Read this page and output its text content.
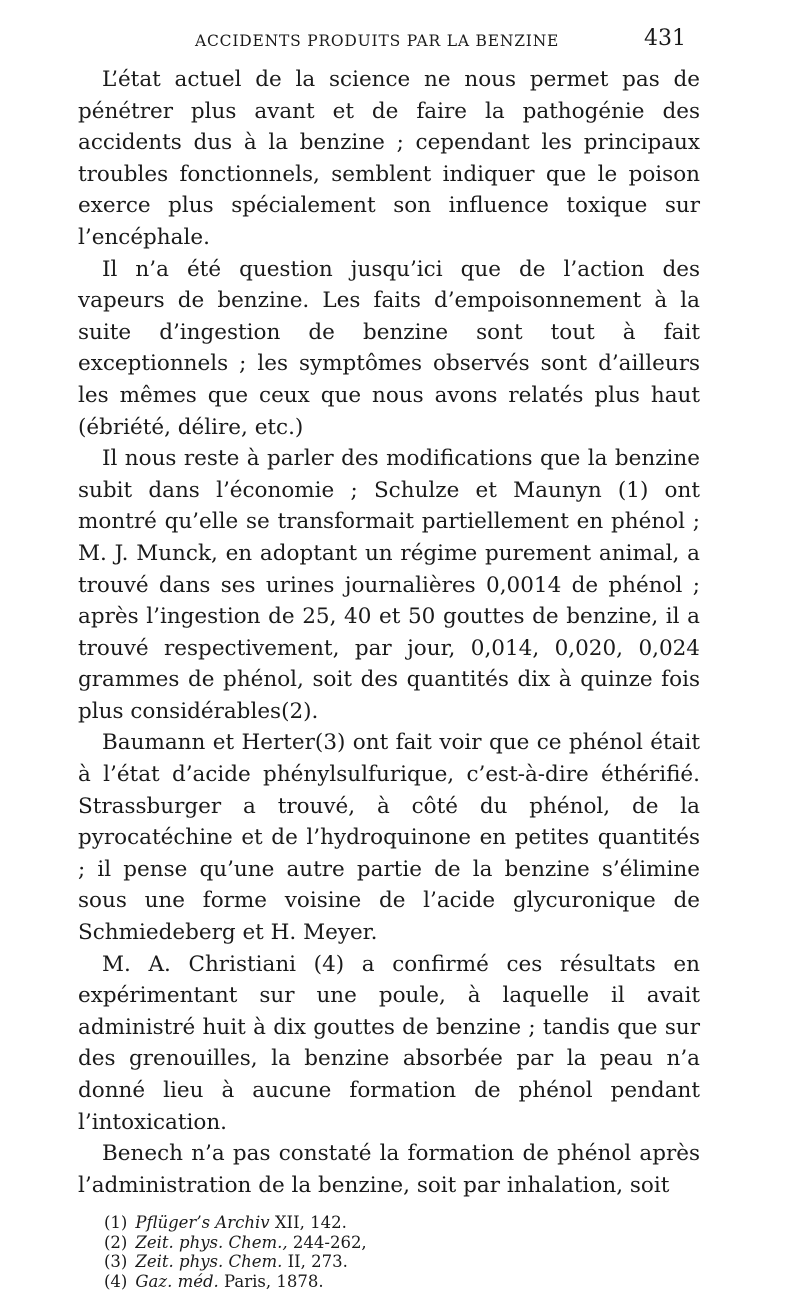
ACCIDENTS PRODUITS PAR LA BENZINE	431

L’état actuel de la science ne nous permet pas de pénétrer plus avant et de faire la pathogénie des accidents dus à la benzine ; cependant les principaux troubles fonctionnels, semblent indiquer que le poison exerce plus spécialement son influence toxique sur l’encéphale.

Il n’a été question jusqu’ici que de l’action des vapeurs de benzine. Les faits d’empoisonnement à la suite d’ingestion de benzine sont tout à fait exceptionnels ; les symptômes observés sont d’ailleurs les mêmes que ceux que nous avons relatés plus haut (ébriété, délire, etc.)

Il nous reste à parler des modifications que la benzine subit dans l’économie ; Schulze et Maunyn (1) ont montré qu’elle se transformait partiellement en phénol ; M. J. Munck, en adoptant un régime purement animal, a trouvé dans ses urines journalières 0,0014 de phénol ; après l’ingestion de 25, 40 et 50 gouttes de benzine, il a trouvé respectivement, par jour, 0,014, 0,020, 0,024 grammes de phénol, soit des quantités dix à quinze fois plus considérables(2).

Baumann et Herter(3) ont fait voir que ce phénol était à l’état d’acide phénylsulfurique, c’est-à-dire éthérifié. Strassburger a trouvé, à côté du phénol, de la pyrocatéchine et de l’hydroquinone en petites quantités ; il pense qu’une autre partie de la benzine s’élimine sous une forme voisine de l’acide glycuronique de Schmiedeberg et H. Meyer.

M. A. Christiani (4) a confirmé ces résultats en expérimentant sur une poule, à laquelle il avait administré huit à dix gouttes de benzine ; tandis que sur des grenouilles, la benzine absorbée par la peau n’a donné lieu à aucune formation de phénol pendant l’intoxication.

Benech n’a pas constaté la formation de phénol après l’administration de la benzine, soit par inhalation, soit

(1) Pflüger’s Archiv XII, 142.
(2) Zeit. phys. Chem., 244-262,
(3) Zeit. phys. Chem. II, 273.
(4) Gaz. méd. Paris, 1878.
